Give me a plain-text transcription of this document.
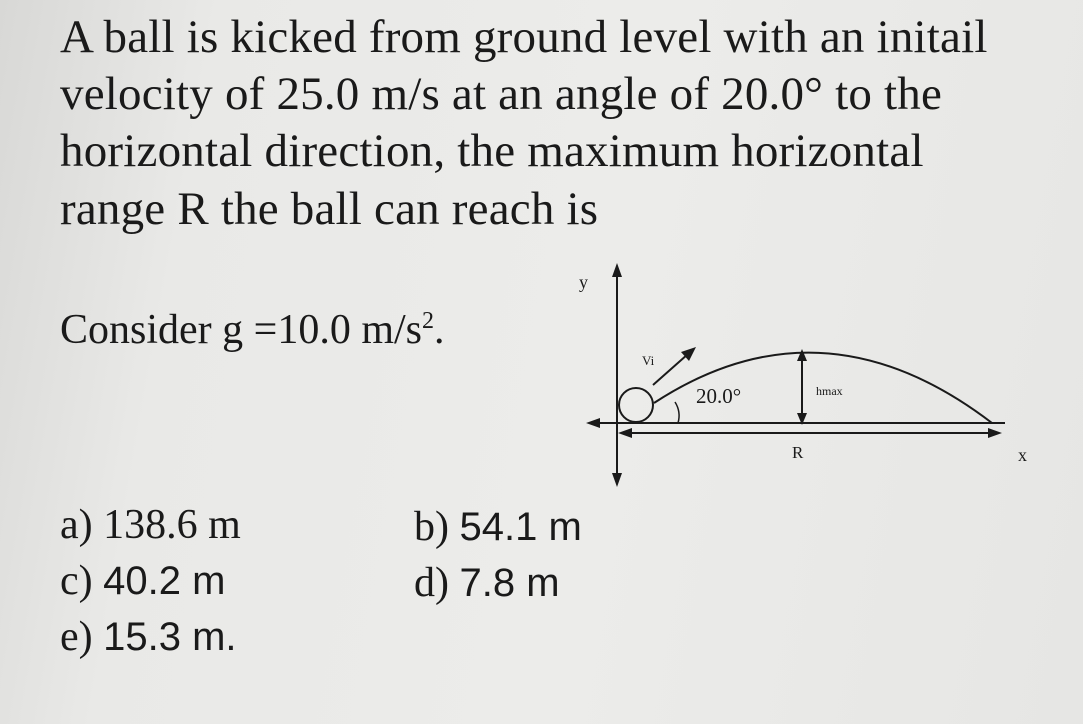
A ball is kicked from ground level with an initail
velocity of 25.0 m/s at an angle of 20.0° to the
horizontal direction, the maximum horizontal
range R the ball can reach is
Consider g =10.0 $m/s^2$.
y
x
R
Vi
20.0°	hmax
a) 138.6 m	b) 54.1 m
c) 40.2 m	d) 7.8 m
e) 15.3 m.
